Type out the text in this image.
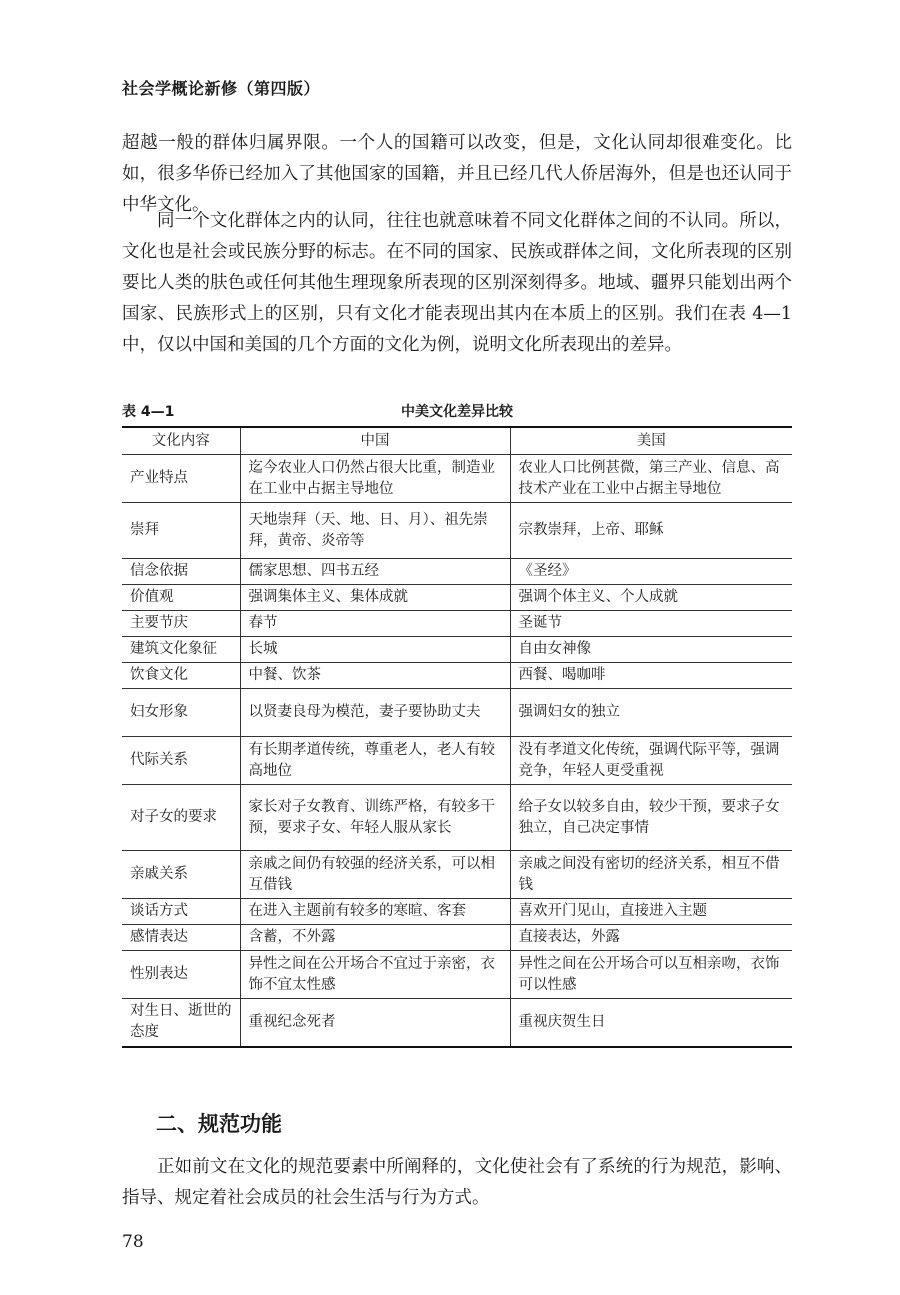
社会学概论新修（第四版）

超越一般的群体归属界限。一个人的国籍可以改变，但是，文化认同却很难变化。比如，很多华侨已经加入了其他国家的国籍，并且已经几代人侨居海外，但是也还认同于中华文化。

同一个文化群体之内的认同，往往也就意味着不同文化群体之间的不认同。所以，文化也是社会或民族分野的标志。在不同的国家、民族或群体之间，文化所表现的区别要比人类的肤色或任何其他生理现象所表现的区别深刻得多。地域、疆界只能划出两个国家、民族形式上的区别，只有文化才能表现出其内在本质上的区别。我们在表 4—1 中，仅以中国和美国的几个方面的文化为例，说明文化所表现出的差异。

表 4—1	中美文化差异比较
文化内容	中国	美国
产业特点	迄今农业人口仍然占很大比重，制造业在工业中占据主导地位	农业人口比例甚微，第三产业、信息、高技术产业在工业中占据主导地位
崇拜	天地崇拜（天、地、日、月）、祖先崇拜，黄帝、炎帝等	宗教崇拜，上帝、耶稣
信念依据	儒家思想、四书五经	《圣经》
价值观	强调集体主义、集体成就	强调个体主义、个人成就
主要节庆	春节	圣诞节
建筑文化象征	长城	自由女神像
饮食文化	中餐、饮茶	西餐、喝咖啡
妇女形象	以贤妻良母为模范，妻子要协助丈夫	强调妇女的独立
代际关系	有长期孝道传统，尊重老人，老人有较高地位	没有孝道文化传统，强调代际平等，强调竞争，年轻人更受重视
对子女的要求	家长对子女教育、训练严格，有较多干预，要求子女、年轻人服从家长	给子女以较多自由，较少干预，要求子女独立，自己决定事情
亲戚关系	亲戚之间仍有较强的经济关系，可以相互借钱	亲戚之间没有密切的经济关系，相互不借钱
谈话方式	在进入主题前有较多的寒暄、客套	喜欢开门见山，直接进入主题
感情表达	含蓄，不外露	直接表达，外露
性别表达	异性之间在公开场合不宜过于亲密，衣饰不宜太性感	异性之间在公开场合可以互相亲吻，衣饰可以性感
对生日、逝世的态度	重视纪念死者	重视庆贺生日
二、规范功能

正如前文在文化的规范要素中所阐释的，文化使社会有了系统的行为规范，影响、指导、规定着社会成员的社会生活与行为方式。

78
